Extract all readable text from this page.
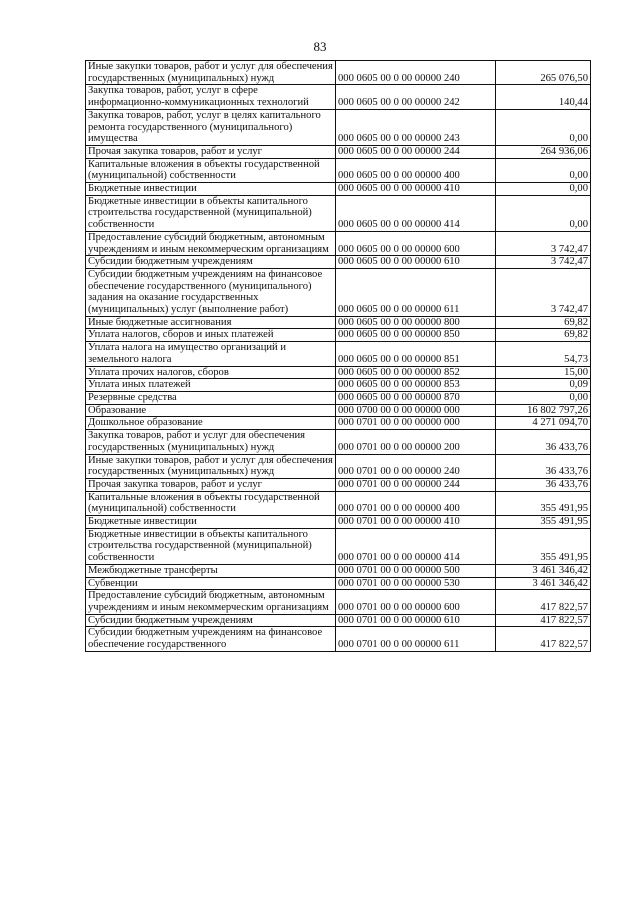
83
Иные закупки товаров, работ и услуг для обеспечения государственных (муниципальных) нужд	000 0605 00 0 00 00000 240	265 076,50
Закупка товаров, работ, услуг в сфере информационно-коммуникационных технологий	000 0605 00 0 00 00000 242	140,44
Закупка товаров, работ, услуг в целях капитального ремонта государственного (муниципального) имущества	000 0605 00 0 00 00000 243	0,00
Прочая закупка товаров, работ и услуг	000 0605 00 0 00 00000 244	264 936,06
Капитальные вложения в объекты государственной (муниципальной) собственности	000 0605 00 0 00 00000 400	0,00
Бюджетные инвестиции	000 0605 00 0 00 00000 410	0,00
Бюджетные инвестиции в объекты капитального строительства государственной (муниципальной) собственности	000 0605 00 0 00 00000 414	0,00
Предоставление субсидий бюджетным, автономным учреждениям и иным некоммерческим организациям	000 0605 00 0 00 00000 600	3 742,47
Субсидии бюджетным учреждениям	000 0605 00 0 00 00000 610	3 742,47
Субсидии бюджетным учреждениям на финансовое обеспечение государственного (муниципального) задания на оказание государственных (муниципальных) услуг (выполнение работ)	000 0605 00 0 00 00000 611	3 742,47
Иные бюджетные ассигнования	000 0605 00 0 00 00000 800	69,82
Уплата налогов, сборов и иных платежей	000 0605 00 0 00 00000 850	69,82
Уплата налога на имущество организаций и земельного налога	000 0605 00 0 00 00000 851	54,73
Уплата прочих налогов, сборов	000 0605 00 0 00 00000 852	15,00
Уплата иных платежей	000 0605 00 0 00 00000 853	0,09
Резервные средства	000 0605 00 0 00 00000 870	0,00
Образование	000 0700 00 0 00 00000 000	16 802 797,26
Дошкольное образование	000 0701 00 0 00 00000 000	4 271 094,70
Закупка товаров, работ и услуг для обеспечения государственных (муниципальных) нужд	000 0701 00 0 00 00000 200	36 433,76
Иные закупки товаров, работ и услуг для обеспечения государственных (муниципальных) нужд	000 0701 00 0 00 00000 240	36 433,76
Прочая закупка товаров, работ и услуг	000 0701 00 0 00 00000 244	36 433,76
Капитальные вложения в объекты государственной (муниципальной) собственности	000 0701 00 0 00 00000 400	355 491,95
Бюджетные инвестиции	000 0701 00 0 00 00000 410	355 491,95
Бюджетные инвестиции в объекты капитального строительства государственной (муниципальной) собственности	000 0701 00 0 00 00000 414	355 491,95
Межбюджетные трансферты	000 0701 00 0 00 00000 500	3 461 346,42
Субвенции	000 0701 00 0 00 00000 530	3 461 346,42
Предоставление субсидий бюджетным, автономным учреждениям и иным некоммерческим организациям	000 0701 00 0 00 00000 600	417 822,57
Субсидии бюджетным учреждениям	000 0701 00 0 00 00000 610	417 822,57
Субсидии бюджетным учреждениям на финансовое обеспечение государственного	000 0701 00 0 00 00000 611	417 822,57
